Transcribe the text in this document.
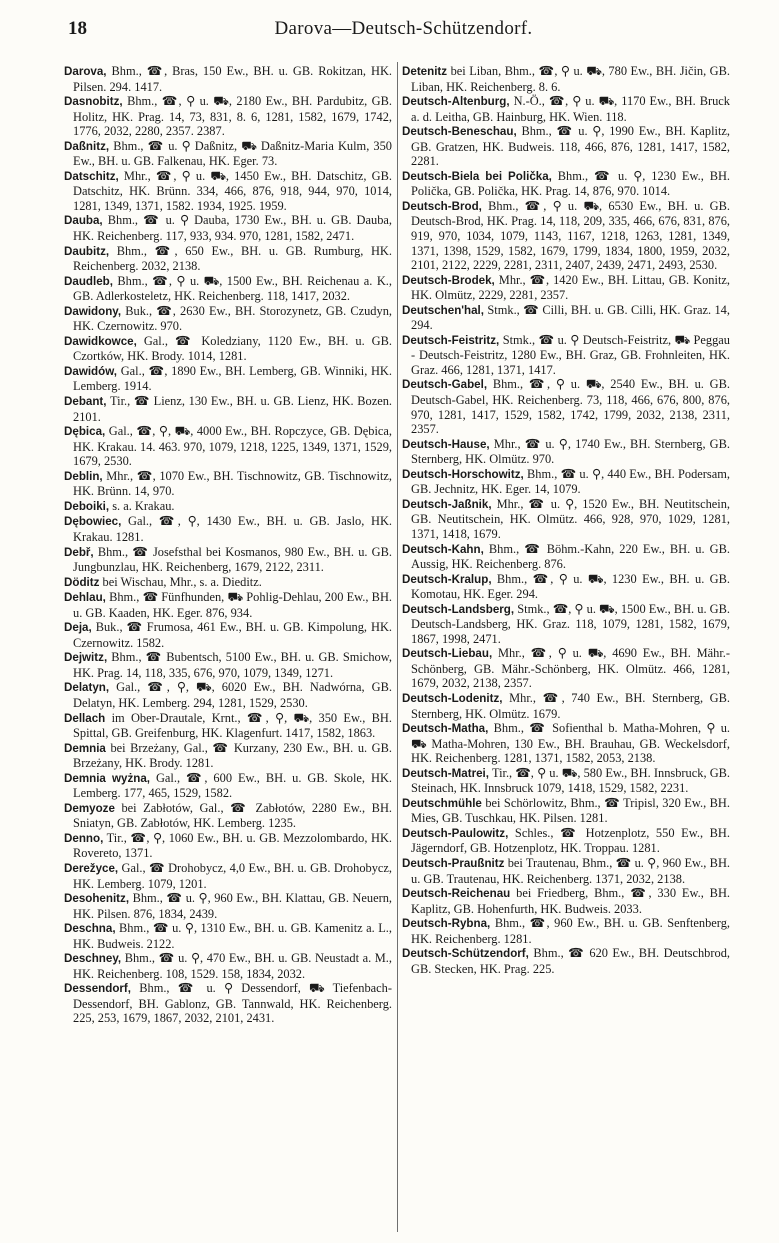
18	Darova—Deutsch-Schützendorf.
Darova, Bhm., ☎, Bras, 150 Ew., BH. u. GB. Rokitzan, HK. Pilsen. 294. 1417.
Dasnobitz, Bhm., ☎, ⚲ u. ⛟, 2180 Ew., BH. Pardubitz, GB. Holitz, HK. Prag. 14, 73, 831, 8. 6, 1281, 1582, 1679, 1742, 1776, 2032, 2280, 2357. 2387.
Daßnitz, Bhm., ☎ u. ⚲ Daßnitz, ⛟ Daßnitz-Maria Kulm, 350 Ew., BH. u. GB. Falkenau, HK. Eger. 73.
Datschitz, Mhr., ☎, ⚲ u. ⛟, 1450 Ew., BH. Datschitz, GB. Datschitz, HK. Brünn. 334, 466, 876, 918, 944, 970, 1014, 1281, 1349, 1371, 1582. 1934, 1925. 1959.
Dauba, Bhm., ☎ u. ⚲ Dauba, 1730 Ew., BH. u. GB. Dauba, HK. Reichenberg. 117, 933, 934. 970, 1281, 1582, 2471.
Daubitz, Bhm., ☎, 650 Ew., BH. u. GB. Rumburg, HK. Reichenberg. 2032, 2138.
Daudleb, Bhm., ☎, ⚲ u. ⛟, 1500 Ew., BH. Reichenau a. K., GB. Adlerkosteletz, HK. Reichenberg. 118, 1417, 2032.
Dawidony, Buk., ☎, 2630 Ew., BH. Storozynetz, GB. Czudyn, HK. Czernowitz. 970.
Dawidkowce, Gal., ☎ Koledziany, 1120 Ew., BH. u. GB. Czortków, HK. Brody. 1014, 1281.
Dawidów, Gal., ☎, 1890 Ew., BH. Lemberg, GB. Winniki, HK. Lemberg. 1914.
Debant, Tir., ☎ Lienz, 130 Ew., BH. u. GB. Lienz, HK. Bozen. 2101.
Dębica, Gal., ☎, ⚲, ⛟, 4000 Ew., BH. Ropczyce, GB. Dębica, HK. Krakau. 14. 463. 970, 1079, 1218, 1225, 1349, 1371, 1529, 1679, 2530.
Deblin, Mhr., ☎, 1070 Ew., BH. Tischnowitz, GB. Tischnowitz, HK. Brünn. 14, 970.
Deboiki, s. a. Krakau.
Dębowiec, Gal., ☎, ⚲, 1430 Ew., BH. u. GB. Jaslo, HK. Krakau. 1281.
Debř, Bhm., ☎ Josefsthal bei Kosmanos, 980 Ew., BH. u. GB. Jungbunzlau, HK. Reichenberg, 1679, 2122, 2311.
Döditz bei Wischau, Mhr., s. a. Dieditz.
Dehlau, Bhm., ☎ Fünfhunden, ⛟ Pohlig-Dehlau, 200 Ew., BH. u. GB. Kaaden, HK. Eger. 876, 934.
Deja, Buk., ☎ Frumosa, 461 Ew., BH. u. GB. Kimpolung, HK. Czernowitz. 1582.
Dejwitz, Bhm., ☎ Bubentsch, 5100 Ew., BH. u. GB. Smichow, HK. Prag. 14, 118, 335, 676, 970, 1079, 1349, 1271.
Delatyn, Gal., ☎, ⚲, ⛟, 6020 Ew., BH. Nadwórna, GB. Delatyn, HK. Lemberg. 294, 1281, 1529, 2530.
Dellach im Ober-Drautale, Krnt., ☎, ⚲, ⛟, 350 Ew., BH. Spittal, GB. Greifenburg, HK. Klagenfurt. 1417, 1582, 1863.
Demnia bei Brzeżany, Gal., ☎ Kurzany, 230 Ew., BH. u. GB. Brzeżany, HK. Brody. 1281.
Demnia wyżna, Gal., ☎, 600 Ew., BH. u. GB. Skole, HK. Lemberg. 177, 465, 1529, 1582.
Demyoze bei Zabłotów, Gal., ☎ Zabłotów, 2280 Ew., BH. Sniatyn, GB. Zabłotów, HK. Lemberg. 1235.
Denno, Tir., ☎, ⚲, 1060 Ew., BH. u. GB. Mezzolombardo, HK. Rovereto, 1371.
Derežyce, Gal., ☎ Drohobycz, 4,0 Ew., BH. u. GB. Drohobycz, HK. Lemberg. 1079, 1201.
Desohenitz, Bhm., ☎ u. ⚲, 960 Ew., BH. Klattau, GB. Neuern, HK. Pilsen. 876, 1834, 2439.
Deschna, Bhm., ☎ u. ⚲, 1310 Ew., BH. u. GB. Kamenitz a. L., HK. Budweis. 2122.
Deschney, Bhm., ☎ u. ⚲, 470 Ew., BH. u. GB. Neustadt a. M., HK. Reichenberg. 108, 1529. 158, 1834, 2032.
Dessendorf, Bhm., ☎ u. ⚲ Dessendorf, ⛟ Tiefenbach-Dessendorf, BH. Gablonz, GB. Tannwald, HK. Reichenberg. 225, 253, 1679, 1867, 2032, 2101, 2431.
Detenitz bei Liban, Bhm., ☎, ⚲ u. ⛟, 780 Ew., BH. Jičin, GB. Liban, HK. Reichenberg. 8. 6.
Deutsch-Altenburg, N.-Ö., ☎, ⚲ u. ⛟, 1170 Ew., BH. Bruck a. d. Leitha, GB. Hainburg, HK. Wien. 118.
Deutsch-Beneschau, Bhm., ☎ u. ⚲, 1990 Ew., BH. Kaplitz, GB. Gratzen, HK. Budweis. 118, 466, 876, 1281, 1417, 1582, 2281.
Deutsch-Biela bei Polička, Bhm., ☎ u. ⚲, 1230 Ew., BH. Polička, GB. Polička, HK. Prag. 14, 876, 970. 1014.
Deutsch-Brod, Bhm., ☎, ⚲ u. ⛟, 6530 Ew., BH. u. GB. Deutsch-Brod, HK. Prag. 14, 118, 209, 335, 466, 676, 831, 876, 919, 970, 1034, 1079, 1143, 1167, 1218, 1263, 1281, 1349, 1371, 1398, 1529, 1582, 1679, 1799, 1834, 1800, 1959, 2032, 2101, 2122, 2229, 2281, 2311, 2407, 2439, 2471, 2493, 2530.
Deutsch-Brodek, Mhr., ☎, 1420 Ew., BH. Littau, GB. Konitz, HK. Olmütz, 2229, 2281, 2357.
Deutschen'hal, Stmk., ☎ Cilli, BH. u. GB. Cilli, HK. Graz. 14, 294.
Deutsch-Feistritz, Stmk., ☎ u. ⚲ Deutsch-Feistritz, ⛟ Peggau - Deutsch-Feistritz, 1280 Ew., BH. Graz, GB. Frohnleiten, HK. Graz. 466, 1281, 1371, 1417.
Deutsch-Gabel, Bhm., ☎, ⚲ u. ⛟, 2540 Ew., BH. u. GB. Deutsch-Gabel, HK. Reichenberg. 73, 118, 466, 676, 800, 876, 970, 1281, 1417, 1529, 1582, 1742, 1799, 2032, 2138, 2311, 2357.
Deutsch-Hause, Mhr., ☎ u. ⚲, 1740 Ew., BH. Sternberg, GB. Sternberg, HK. Olmütz. 970.
Deutsch-Horschowitz, Bhm., ☎ u. ⚲, 440 Ew., BH. Podersam, GB. Jechnitz, HK. Eger. 14, 1079.
Deutsch-Jaßnik, Mhr., ☎ u. ⚲, 1520 Ew., BH. Neutitschein, GB. Neutitschein, HK. Olmütz. 466, 928, 970, 1029, 1281, 1371, 1418, 1679.
Deutsch-Kahn, Bhm., ☎ Böhm.-Kahn, 220 Ew., BH. u. GB. Aussig, HK. Reichenberg. 876.
Deutsch-Kralup, Bhm., ☎, ⚲ u. ⛟, 1230 Ew., BH. u. GB. Komotau, HK. Eger. 294.
Deutsch-Landsberg, Stmk., ☎, ⚲ u. ⛟, 1500 Ew., BH. u. GB. Deutsch-Landsberg, HK. Graz. 118, 1079, 1281, 1582, 1679, 1867, 1998, 2471.
Deutsch-Liebau, Mhr., ☎, ⚲ u. ⛟, 4690 Ew., BH. Mähr.-Schönberg, GB. Mähr.-Schönberg, HK. Olmütz. 466, 1281, 1679, 2032, 2138, 2357.
Deutsch-Lodenitz, Mhr., ☎, 740 Ew., BH. Sternberg, GB. Sternberg, HK. Olmütz. 1679.
Deutsch-Matha, Bhm., ☎ Sofienthal b. Matha-Mohren, ⚲ u. ⛟ Matha-Mohren, 130 Ew., BH. Brauhau, GB. Weckelsdorf, HK. Reichenberg. 1281, 1371, 1582, 2053, 2138.
Deutsch-Matrei, Tir., ☎, ⚲ u. ⛟, 580 Ew., BH. Innsbruck, GB. Steinach, HK. Innsbruck 1079, 1418, 1529, 1582, 2231.
Deutschmühle bei Schörlowitz, Bhm., ☎ Tripisl, 320 Ew., BH. Mies, GB. Tuschkau, HK. Pilsen. 1281.
Deutsch-Paulowitz, Schles., ☎ Hotzenplotz, 550 Ew., BH. Jägerndorf, GB. Hotzenplotz, HK. Troppau. 1281.
Deutsch-Praußnitz bei Trautenau, Bhm., ☎ u. ⚲, 960 Ew., BH. u. GB. Trautenau, HK. Reichenberg. 1371, 2032, 2138.
Deutsch-Reichenau bei Friedberg, Bhm., ☎, 330 Ew., BH. Kaplitz, GB. Hohenfurth, HK. Budweis. 2033.
Deutsch-Rybna, Bhm., ☎, 960 Ew., BH. u. GB. Senftenberg, HK. Reichenberg. 1281.
Deutsch-Schützendorf, Bhm., ☎ 620 Ew., BH. Deutschbrod, GB. Stecken, HK. Prag. 225.
